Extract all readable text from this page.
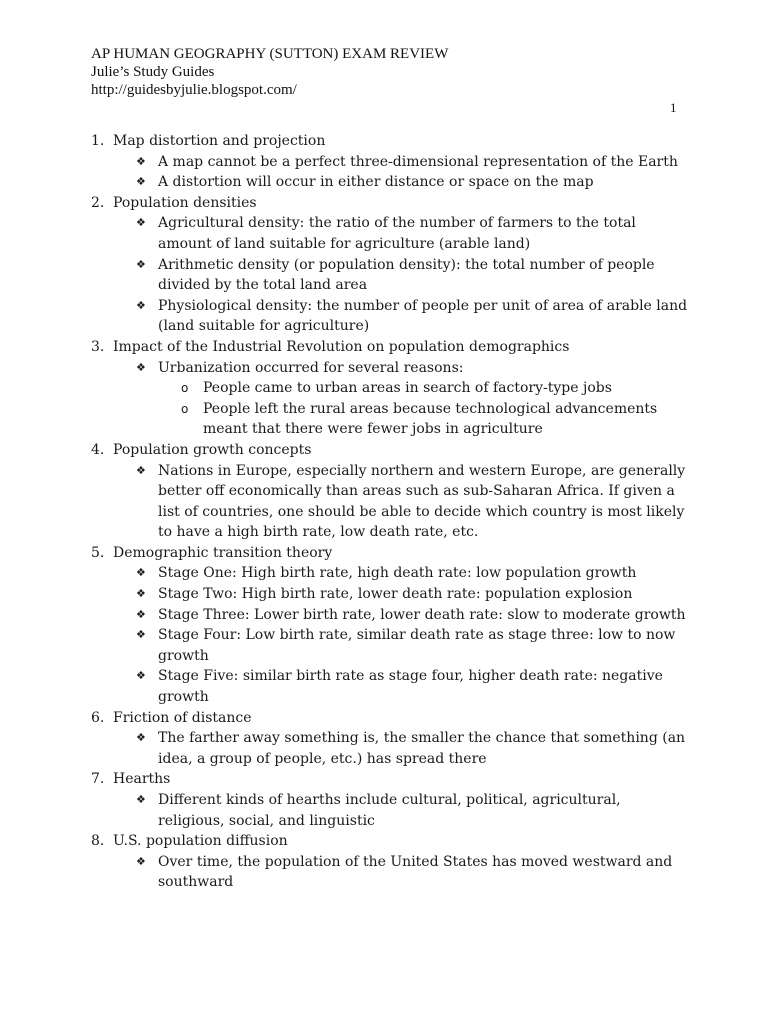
AP HUMAN GEOGRAPHY (SUTTON) EXAM REVIEW
Julie’s Study Guides
http://guidesbyjulie.blogspot.com/
1
1. Map distortion and projection
❖ A map cannot be a perfect three-dimensional representation of the Earth
❖ A distortion will occur in either distance or space on the map
2. Population densities
❖ Agricultural density: the ratio of the number of farmers to the total amount of land suitable for agriculture (arable land)
❖ Arithmetic density (or population density): the total number of people divided by the total land area
❖ Physiological density: the number of people per unit of area of arable land (land suitable for agriculture)
3. Impact of the Industrial Revolution on population demographics
❖ Urbanization occurred for several reasons:
o	People came to urban areas in search of factory-type jobs
o	People left the rural areas because technological advancements meant that there were fewer jobs in agriculture
4. Population growth concepts
❖ Nations in Europe, especially northern and western Europe, are generally better off economically than areas such as sub-Saharan Africa. If given a list of countries, one should be able to decide which country is most likely to have a high birth rate, low death rate, etc.
5. Demographic transition theory
❖ Stage One: High birth rate, high death rate: low population growth
❖ Stage Two: High birth rate, lower death rate: population explosion
❖ Stage Three: Lower birth rate, lower death rate: slow to moderate growth
❖ Stage Four: Low birth rate, similar death rate as stage three: low to now growth
❖ Stage Five: similar birth rate as stage four, higher death rate: negative growth
6. Friction of distance
❖ The farther away something is, the smaller the chance that something (an idea, a group of people, etc.) has spread there
7. Hearths
❖ Different kinds of hearths include cultural, political, agricultural, religious, social, and linguistic
8. U.S. population diffusion
❖ Over time, the population of the United States has moved westward and southward
